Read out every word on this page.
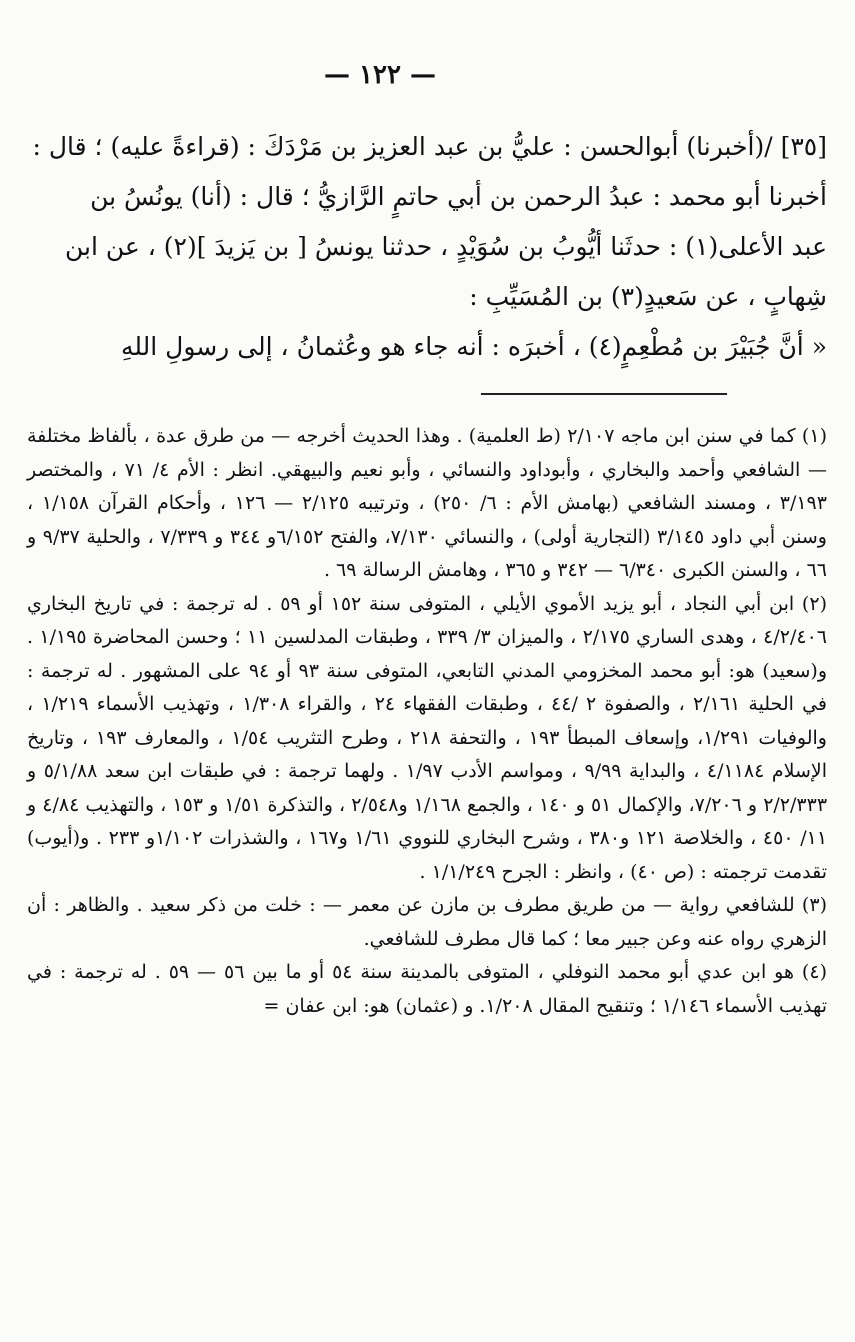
— ١٢٢ —

[٣٥] /(أخبرنا) أبوالحسن : عليُّ بن عبد العزيز بن مَرْدَكَ : (قراءةً عليه) ؛ قال :

أخبرنا أبو محمد : عبدُ الرحمن بن أبي حاتمٍ الرَّازيُّ ؛ قال : (أنا) يونُسُ بن

عبد الأعلى(١) : حدثَنا أيُّوبُ بن سُوَيْدٍ ، حدثنا يونسُ [ بن يَزيدَ ](٢) ، عن ابن

شِهابٍ ، عن سَعيدٍ(٣) بن المُسَيِّبِ :

« أنَّ جُبَيْرَ بن مُطْعِمٍ(٤) ، أخبرَه : أنه جاء هو وعُثمانُ ، إلى رسولِ اللهِ

(١) كما في سنن ابن ماجه ٢/١٠٧ (ط العلمية) . وهذا الحديث أخرجه — من طرق عدة ، بألفاظ مختلفة — الشافعي وأحمد والبخاري ، وأبوداود والنسائي ، وأبو نعيم والبيهقي. انظر : الأم ٤/ ٧١ ، والمختصر ٣/١٩٣ ، ومسند الشافعي (بهامش الأم : ٦/ ٢٥٠) ، وترتيبه ٢/١٢٥ — ١٢٦ ، وأحكام القرآن ١/١٥٨ ، وسنن أبي داود ٣/١٤٥ (التجارية أولى) ، والنسائي ٧/١٣٠، والفتح ٦/١٥٢و ٣٤٤ و ٧/٣٣٩ ، والحلية ٩/٣٧ و ٦٦ ، والسنن الكبرى ٦/٣٤٠ — ٣٤٢ و ٣٦٥ ، وهامش الرسالة ٦٩ .

(٢) ابن أبي النجاد ، أبو يزيد الأموي الأيلي ، المتوفى سنة ١٥٢ أو ٥٩ . له ترجمة : في تاريخ البخاري ٤/٢/٤٠٦ ، وهدى الساري ٢/١٧٥ ، والميزان ٣/ ٣٣٩ ، وطبقات المدلسين ١١ ؛ وحسن المحاضرة ١/١٩٥ . و(سعيد) هو: أبو محمد المخزومي المدني التابعي، المتوفى سنة ٩٣ أو ٩٤ على المشهور . له ترجمة : في الحلية ٢/١٦١ ، والصفوة ٢ /٤٤ ، وطبقات الفقهاء ٢٤ ، والقراء ١/٣٠٨ ، وتهذيب الأسماء ١/٢١٩ ، والوفيات ١/٢٩١، وإسعاف المبطأ ١٩٣ ، والتحفة ٢١٨ ، وطرح التثريب ١/٥٤ ، والمعارف ١٩٣ ، وتاريخ الإسلام ٤/١١٨٤ ، والبداية ٩/٩٩ ، ومواسم الأدب ١/٩٧ . ولهما ترجمة : في طبقات ابن سعد ٥/١/٨٨ و ٢/٢/٣٣٣ و ٧/٢٠٦، والإكمال ٥١ و ١٤٠ ، والجمع ١/١٦٨ و٢/٥٤٨ ، والتذكرة ١/٥١ و ١٥٣ ، والتهذيب ٤/٨٤ و ١١/ ٤٥٠ ، والخلاصة ١٢١ و٣٨٠ ، وشرح البخاري للنووي ١/٦١ و١٦٧ ، والشذرات ١/١٠٢و ٢٣٣ . و(أيوب) تقدمت ترجمته : (ص ٤٠) ، وانظر : الجرح ١/١/٢٤٩ .

(٣) للشافعي رواية — من طريق مطرف بن مازن عن معمر — : خلت من ذكر سعيد . والظاهر : أن الزهري رواه عنه وعن جبير معا ؛ كما قال مطرف للشافعي.

(٤) هو ابن عدي أبو محمد النوفلي ، المتوفى بالمدينة سنة ٥٤ أو ما بين ٥٦ — ٥٩ . له ترجمة : في تهذيب الأسماء ١/١٤٦ ؛ وتنقيح المقال ١/٢٠٨. و (عثمان) هو: ابن عفان =
